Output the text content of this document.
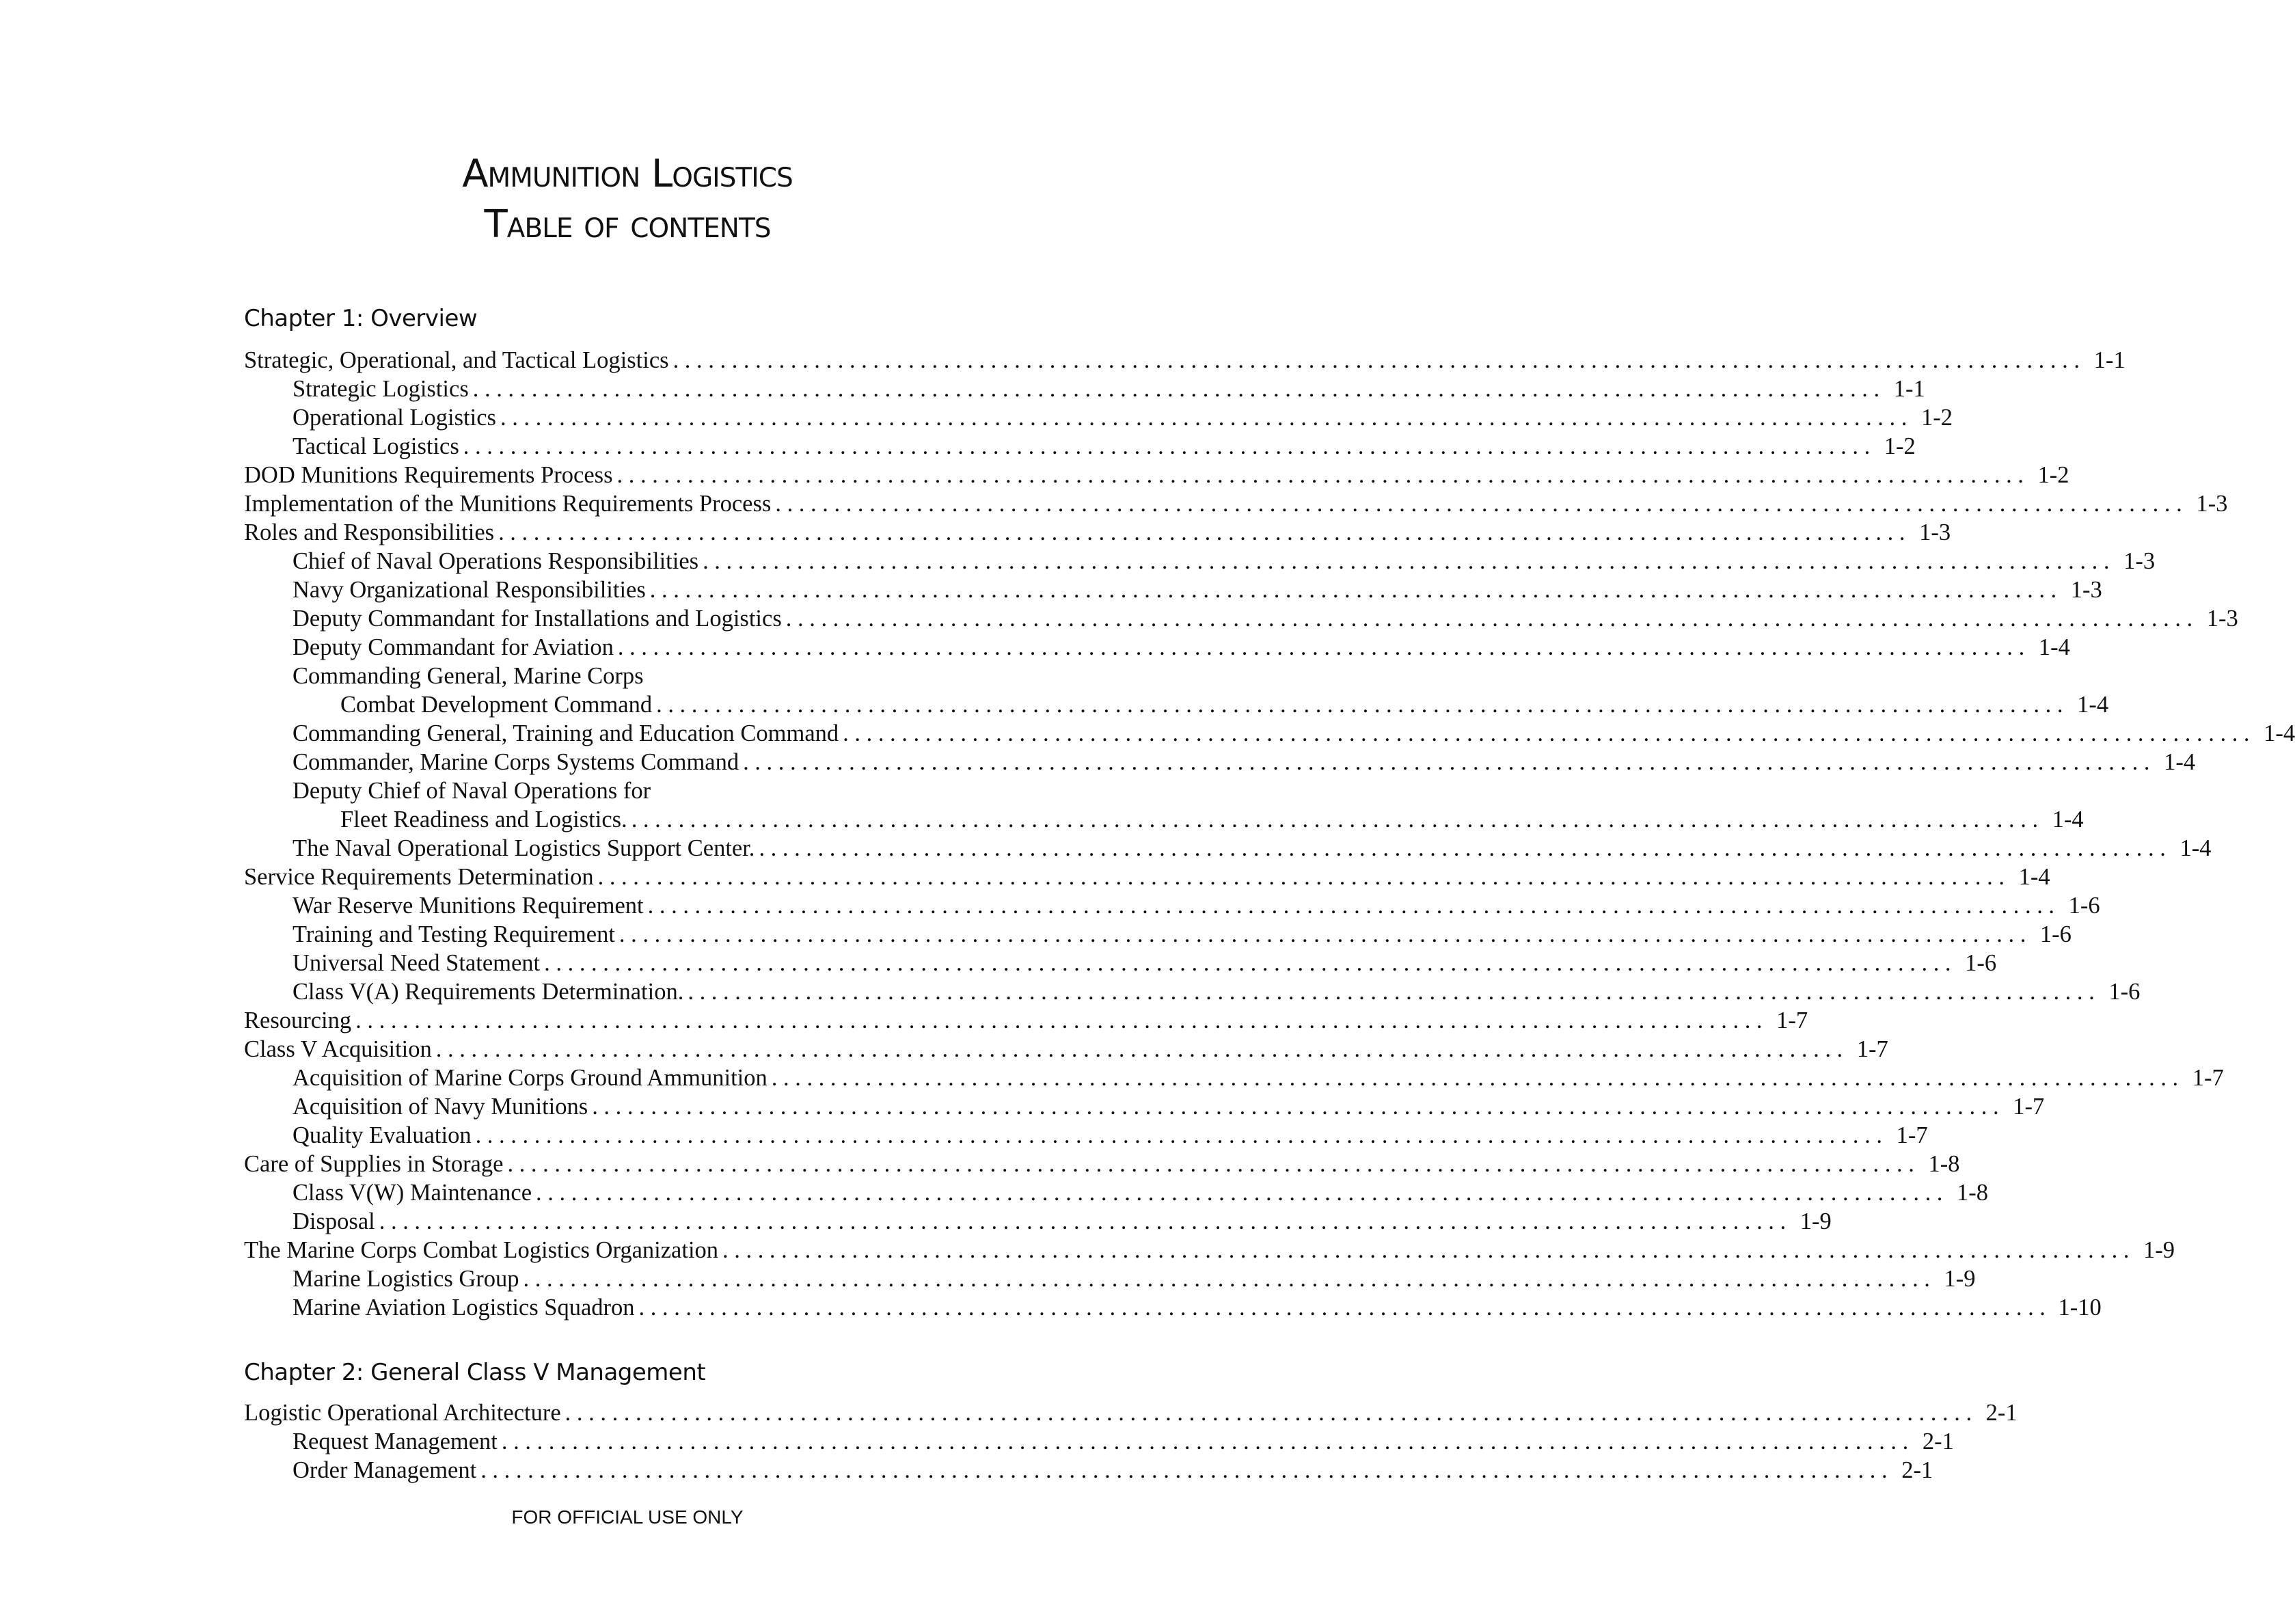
Ammunition Logistics
Table of contents
Chapter 1: Overview
Strategic, Operational, and Tactical Logistics ........................................................................................................................ 1-1
Strategic Logistics ........................................................................................................................ 1-1
Operational Logistics ........................................................................................................................ 1-2
Tactical Logistics ........................................................................................................................ 1-2
DOD Munitions Requirements Process ........................................................................................................................ 1-2
Implementation of the Munitions Requirements Process ........................................................................................................................ 1-3
Roles and Responsibilities ........................................................................................................................ 1-3
Chief of Naval Operations Responsibilities ........................................................................................................................ 1-3
Navy Organizational Responsibilities ........................................................................................................................ 1-3
Deputy Commandant for Installations and Logistics ........................................................................................................................ 1-3
Deputy Commandant for Aviation ........................................................................................................................ 1-4
Commanding General, Marine Corps
Combat Development Command ........................................................................................................................ 1-4
Commanding General, Training and Education Command ........................................................................................................................ 1-4
Commander, Marine Corps Systems Command ........................................................................................................................ 1-4
Deputy Chief of Naval Operations for
Fleet Readiness and Logistics. ........................................................................................................................ 1-4
The Naval Operational Logistics Support Center. ........................................................................................................................ 1-4
Service Requirements Determination ........................................................................................................................ 1-4
War Reserve Munitions Requirement ........................................................................................................................ 1-6
Training and Testing Requirement ........................................................................................................................ 1-6
Universal Need Statement ........................................................................................................................ 1-6
Class V(A) Requirements Determination. ........................................................................................................................ 1-6
Resourcing ........................................................................................................................ 1-7
Class V Acquisition ........................................................................................................................ 1-7
Acquisition of Marine Corps Ground Ammunition ........................................................................................................................ 1-7
Acquisition of Navy Munitions ........................................................................................................................ 1-7
Quality Evaluation ........................................................................................................................ 1-7
Care of Supplies in Storage ........................................................................................................................ 1-8
Class V(W) Maintenance ........................................................................................................................ 1-8
Disposal ........................................................................................................................ 1-9
The Marine Corps Combat Logistics Organization ........................................................................................................................ 1-9
Marine Logistics Group ........................................................................................................................ 1-9
Marine Aviation Logistics Squadron ........................................................................................................................ 1-10
Chapter 2: General Class V Management
Logistic Operational Architecture ........................................................................................................................ 2-1
Request Management ........................................................................................................................ 2-1
Order Management ........................................................................................................................ 2-1
FOR OFFICIAL USE ONLY
